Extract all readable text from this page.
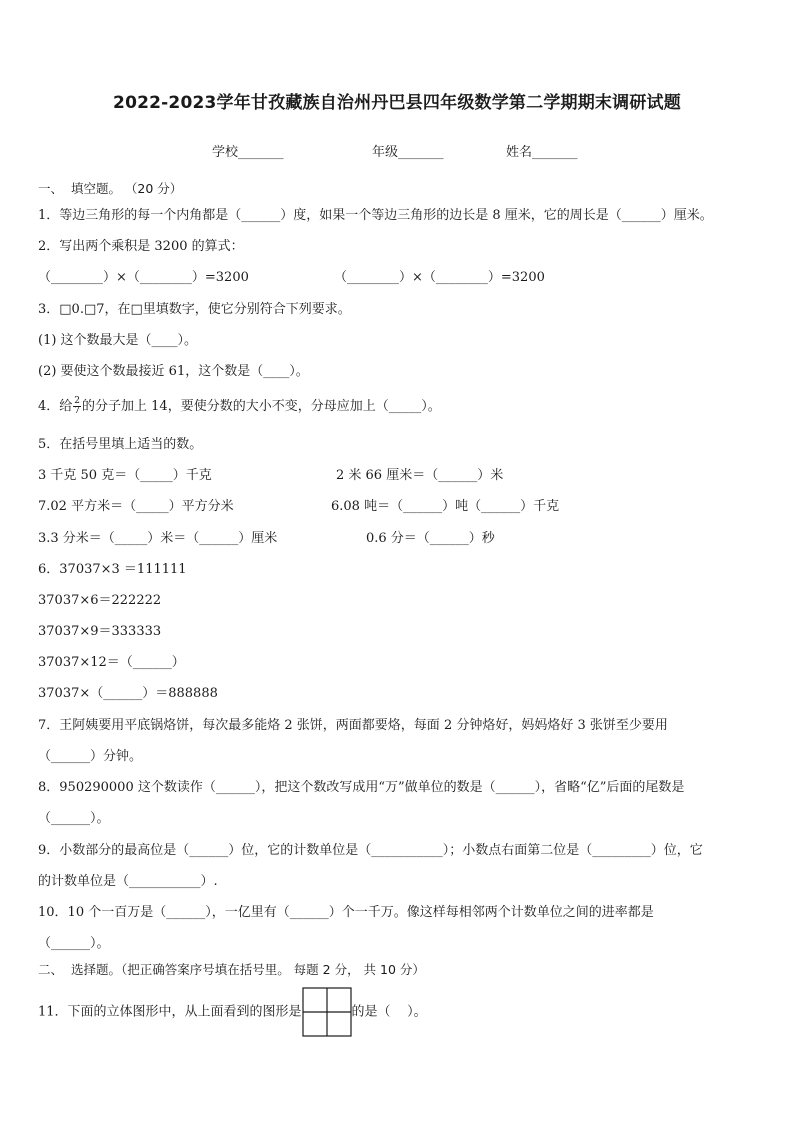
2022-2023学年甘孜藏族自治州丹巴县四年级数学第二学期期末调研试题
学校_______	年级_______	姓名_______
一、  填空题。 （20 分）
1．等边三角形的每一个内角都是（______）度，如果一个等边三角形的边长是 8 厘米，它的周长是（______）厘米。
2．写出两个乘积是 3200 的算式：
（________）×（________）=3200	（________）×（________）=3200
3．□0.□7，在□里填数字，使它分别符合下列要求。
(1) 这个数最大是（____）。
(2) 要使这个数最接近 61，这个数是（____）。
4．给 $\frac{2}{7}$ 的分子加上 14，要使分数的大小不变，分母应加上（_____）。
5．在括号里填上适当的数。
3 千克 50 克＝（_____）千克	2 米 66 厘米＝（______）米
7.02 平方米＝（_____）平方分米	6.08 吨＝（______）吨（______）千克
3.3 分米＝（_____）米＝（______）厘米	0.6 分＝（______）秒
6．37037×3 ＝111111
37037×6＝222222
37037×9＝333333
37037×12＝（______）
37037×（______）＝888888
7．王阿姨要用平底锅烙饼，每次最多能烙 2 张饼，两面都要烙，每面 2 分钟烙好，妈妈烙好 3 张饼至少要用
（______）分钟。
8．950290000 这个数读作（______），把这个数改写成用“万”做单位的数是（______），省略“亿”后面的尾数是
（______）。
9．小数部分的最高位是（______）位，它的计数单位是（___________）；小数点右面第二位是（_________）位，它
的计数单位是（___________）.
10．10 个一百万是（______），一亿里有（______）个一千万。像这样每相邻两个计数单位之间的进率都是
（______）。
二、  选择题。（把正确答案序号填在括号里。 每题 2 分， 共 10 分）
11．下面的立体图形中，从上面看到的图形是	的是（    ）。
